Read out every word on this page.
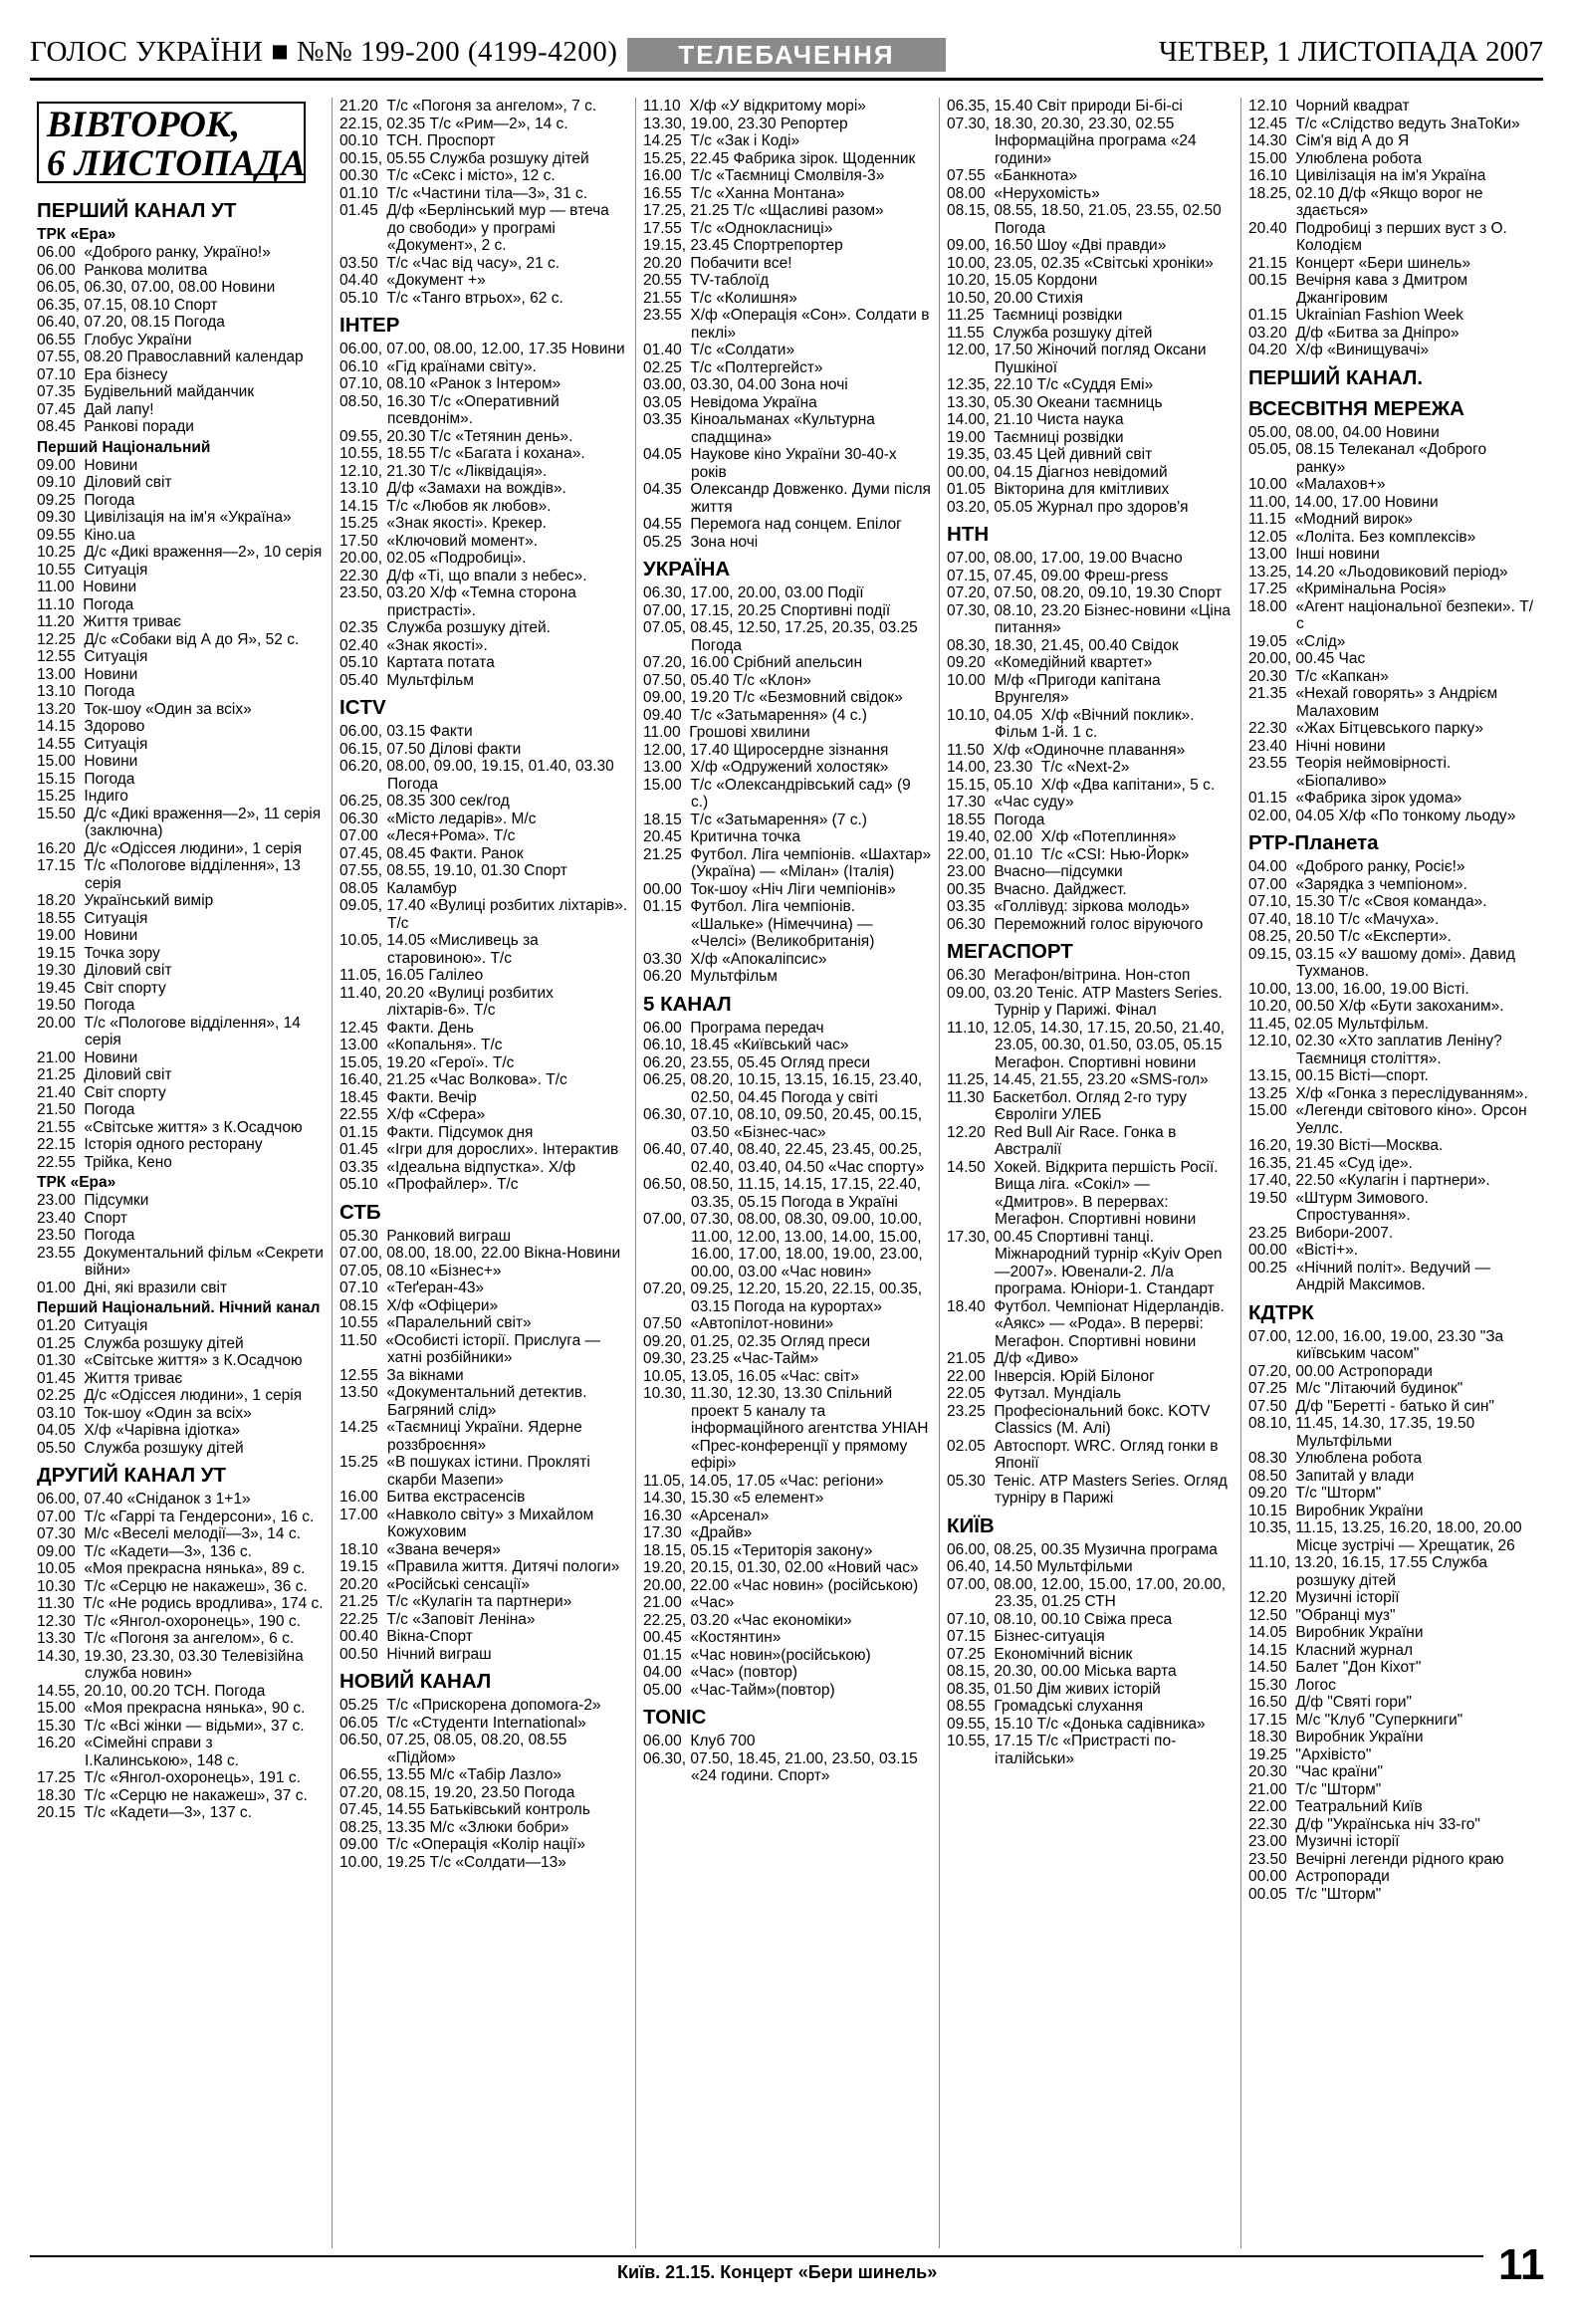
ГОЛОС УКРАЇНИ ■ №№ 199-200 (4199-4200)	ТЕЛЕБАЧЕННЯ	ЧЕТВЕР, 1 ЛИСТОПАДА 2007
ВІВТОРОК,
6 ЛИСТОПАДА
ПЕРШИЙ КАНАЛ УТ
ТРК «Ера»
06.00  «Доброго ранку, Україно!»
06.00  Ранкова молитва
06.05, 06.30, 07.00, 08.00 Новини
06.35, 07.15, 08.10 Спорт
06.40, 07.20, 08.15 Погода
06.55  Глобус України
07.55, 08.20 Православний календар
07.10  Ера бізнесу
07.35  Будівельний майданчик
07.45  Дай лапу!
08.45  Ранкові поради
Перший Національний
09.00  Новини
09.10  Діловий світ
09.25  Погода
09.30  Цивілізація на ім'я «Україна»
09.55  Кіно.ua
10.25  Д/с «Дикі враження—2», 10 серія
10.55  Ситуація
11.00  Новини
11.10  Погода
11.20  Життя триває
12.25  Д/с «Собаки від А до Я», 52 с.
12.55  Ситуація
13.00  Новини
13.10  Погода
13.20  Ток-шоу «Один за всіх»
14.15  Здорово
14.55  Ситуація
15.00  Новини
15.15  Погода
15.25  Індиго
15.50  Д/с «Дикі враження—2», 11 серія (заключна)
16.20  Д/с «Одіссея людини», 1 серія
17.15  Т/с «Пологове відділення», 13 серія
18.20  Український вимір
18.55  Ситуація
19.00  Новини
19.15  Точка зору
19.30  Діловий світ
19.45  Світ спорту
19.50  Погода
20.00  Т/с «Пологове відділення», 14 серія
21.00  Новини
21.25  Діловий світ
21.40  Світ спорту
21.50  Погода
21.55  «Світське життя» з К.Осадчою
22.15  Історія одного ресторану
22.55  Трійка, Кено
ТРК «Ера»
23.00  Підсумки
23.40  Спорт
23.50  Погода
23.55  Документальний фільм «Секрети війни»
01.00  Дні, які вразили світ
Перший Національний. Нічний канал
01.20  Ситуація
01.25  Служба розшуку дітей
01.30  «Світське життя» з К.Осадчою
01.45  Життя триває
02.25  Д/с «Одіссея людини», 1 серія
03.10  Ток-шоу «Один за всіх»
04.05  Х/ф «Чарівна ідіотка»
05.50  Служба розшуку дітей
ДРУГИЙ КАНАЛ УТ
06.00, 07.40 «Сніданок з 1+1»
07.00  Т/с «Гаррі та Гендерсони», 16 с.
07.30  М/с «Веселі мелодії—3», 14 с.
09.00  Т/с «Кадети—3», 136 с.
10.05  «Моя прекрасна нянька», 89 с.
10.30  Т/с «Серцю не накажеш», 36 с.
11.30  Т/с «Не родись вродлива», 174 с.
12.30  Т/с «Янгол-охоронець», 190 с.
13.30  Т/с «Погоня за ангелом», 6 с.
14.30, 19.30, 23.30, 03.30 Телевізійна служба новин»
14.55, 20.10, 00.20 ТСН. Погода
15.00  «Моя прекрасна нянька», 90 с.
15.30  Т/с «Всі жінки — відьми», 37 с.
16.20  «Сімейні справи з І.Калинською», 148 с.
17.25  Т/с «Янгол-охоронець», 191 с.
18.30  Т/с «Серцю не накажеш», 37 с.
20.15  Т/с «Кадети—3», 137 с.
21.20  Т/с «Погоня за ангелом», 7 с.
22.15, 02.35 Т/с «Рим—2», 14 с.
00.10  ТСН. Проспорт
00.15, 05.55 Служба розшуку дітей
00.30  Т/с «Секс і місто», 12 с.
01.10  Т/с «Частини тіла—3», 31 с.
01.45  Д/ф «Берлінський мур — втеча до свободи» у програмі «Документ», 2 с.
03.50  Т/с «Час від часу», 21 с.
04.40  «Документ +»
05.10  Т/с «Танго втрьох», 62 с.
ІНТЕР
06.00, 07.00, 08.00, 12.00, 17.35 Новини
06.10  «Гід країнами світу».
07.10, 08.10 «Ранок з Інтером»
08.50, 16.30 Т/с «Оперативний псевдонім».
09.55, 20.30 Т/с «Тетянин день».
10.55, 18.55 Т/с «Багата і кохана».
12.10, 21.30 Т/с «Ліквідація».
13.10  Д/ф «Замахи на вождів».
14.15  Т/с «Любов як любов».
15.25  «Знак якості». Крекер.
17.50  «Ключовий момент».
20.00, 02.05 «Подробиці».
22.30  Д/ф «Ті, що впали з небес».
23.50, 03.20 Х/ф «Темна сторона пристрасті».
02.35  Служба розшуку дітей.
02.40  «Знак якості».
05.10  Картата потата
05.40  Мультфільм
ICTV
06.00, 03.15 Факти
06.15, 07.50 Ділові факти
06.20, 08.00, 09.00, 19.15, 01.40, 03.30 Погода
06.25, 08.35 300 сек/год
06.30  «Місто ледарів». М/с
07.00  «Леся+Рома». Т/с
07.45, 08.45 Факти. Ранок
07.55, 08.55, 19.10, 01.30 Спорт
08.05  Каламбур
09.05, 17.40 «Вулиці розбитих ліхтарів». Т/с
10.05, 14.05 «Мисливець за старовиною». Т/с
11.05, 16.05 Галілео
11.40, 20.20 «Вулиці розбитих ліхтарів-6». Т/с
12.45  Факти. День
13.00  «Копальня». Т/с
15.05, 19.20 «Герої». Т/с
16.40, 21.25 «Час Волкова». Т/с
18.45  Факти. Вечір
22.55  Х/ф «Сфера»
01.15  Факти. Підсумок дня
01.45  «Ігри для дорослих». Інтерактив
03.35  «Ідеальна відпустка». Х/ф
05.10  «Профайлер». Т/с
СТБ
05.30  Ранковий виграш
07.00, 08.00, 18.00, 22.00 Вікна-Новини
07.05, 08.10 «Бізнес+»
07.10  «Теґеран-43»
08.15  Х/ф «Офіцери»
10.55  «Паралельний світ»
11.50  «Особисті історії. Прислуга — хатні розбійники»
12.55  За вікнами
13.50  «Документальний детектив. Багряний слід»
14.25  «Таємниці України. Ядерне роззброєння»
15.25  «В пошуках істини. Прокляті скарби Мазепи»
16.00  Битва екстрасенсів
17.00  «Навколо світу» з Михайлом Кожуховим
18.10  «Звана вечеря»
19.15  «Правила життя. Дитячі пологи»
20.20  «Російські сенсації»
21.25  Т/с «Кулагін та партнери»
22.25  Т/с «Заповіт Леніна»
00.40  Вікна-Спорт
00.50  Нічний виграш
НОВИЙ КАНАЛ
05.25  Т/с «Прискорена допомога-2»
06.05  Т/с «Студенти International»
06.50, 07.25, 08.05, 08.20, 08.55 «Підйом»
06.55, 13.55 М/с «Табір Лазло»
07.20, 08.15, 19.20, 23.50 Погода
07.45, 14.55 Батьківський контроль
08.25, 13.35 М/с «Злюки бобри»
09.00  Т/с «Операція «Колір нації»
10.00, 19.25 Т/с «Солдати—13»
11.10  Х/ф «У відкритому морі»
13.30, 19.00, 23.30 Репортер
14.25  Т/с «Зак і Коді»
15.25, 22.45 Фабрика зірок. Щоденник
16.00  Т/с «Таємниці Смолвіля-3»
16.55  Т/с «Ханна Монтана»
17.25, 21.25 Т/с «Щасливі разом»
17.55  Т/с «Однокласниці»
19.15, 23.45 Спортрепортер
20.20  Побачити все!
20.55  TV-таблоїд
21.55  Т/с «Колишня»
23.55  Х/ф «Операція «Сон». Солдати в пеклі»
01.40  Т/с «Солдати»
02.25  Т/с «Полтергейст»
03.00, 03.30, 04.00 Зона ночі
03.05  Невідома Україна
03.35  Кіноальманах «Культурна спадщина»
04.05  Наукове кіно України 30-40-х років
04.35  Олександр Довженко. Думи після життя
04.55  Перемога над сонцем. Епілог
05.25  Зона ночі
УКРАЇНА
06.30, 17.00, 20.00, 03.00 Події
07.00, 17.15, 20.25 Спортивні події
07.05, 08.45, 12.50, 17.25, 20.35, 03.25 Погода
07.20, 16.00 Срібний апельсин
07.50, 05.40 Т/с «Клон»
09.00, 19.20 Т/с «Безмовний свідок»
09.40  Т/с «Затьмарення» (4 с.)
11.00  Грошові хвилини
12.00, 17.40 Щиросердне зізнання
13.00  Х/ф «Одружений холостяк»
15.00  Т/с «Олександрівський сад» (9 с.)
18.15  Т/с «Затьмарення» (7 с.)
20.45  Критична точка
21.25  Футбол. Ліга чемпіонів. «Шахтар» (Україна) — «Мілан» (Італія)
00.00  Ток-шоу «Ніч Ліги чемпіонів»
01.15  Футбол. Ліга чемпіонів. «Шальке» (Німеччина) — «Челсі» (Великобританія)
03.30  Х/ф «Апокаліпсис»
06.20  Мультфільм
5 КАНАЛ
06.00  Програма передач
06.10, 18.45 «Київський час»
06.20, 23.55, 05.45 Огляд преси
06.25, 08.20, 10.15, 13.15, 16.15, 23.40, 02.50, 04.45 Погода у світі
06.30, 07.10, 08.10, 09.50, 20.45, 00.15, 03.50 «Бізнес-час»
06.40, 07.40, 08.40, 22.45, 23.45, 00.25, 02.40, 03.40, 04.50 «Час спорту»
06.50, 08.50, 11.15, 14.15, 17.15, 22.40, 03.35, 05.15 Погода в Україні
07.00, 07.30, 08.00, 08.30, 09.00, 10.00, 11.00, 12.00, 13.00, 14.00, 15.00, 16.00, 17.00, 18.00, 19.00, 23.00, 00.00, 03.00 «Час новин»
07.20, 09.25, 12.20, 15.20, 22.15, 00.35, 03.15 Погода на курортах»
07.50  «Автопілот-новини»
09.20, 01.25, 02.35 Огляд преси
09.30, 23.25 «Час-Тайм»
10.05, 13.05, 16.05 «Час: світ»
10.30, 11.30, 12.30, 13.30 Спільний проект 5 каналу та інформаційного агентства УНІАН «Прес-конференції у прямому ефірі»
11.05, 14.05, 17.05 «Час: регіони»
14.30, 15.30 «5 елемент»
16.30  «Арсенал»
17.30  «Драйв»
18.15, 05.15 «Територія закону»
19.20, 20.15, 01.30, 02.00 «Новий час»
20.00, 22.00 «Час новин» (російською)
21.00  «Час»
22.25, 03.20 «Час економіки»
00.45  «Костянтин»
01.15  «Час новин»(російською)
04.00  «Час» (повтор)
05.00  «Час-Тайм»(повтор)
TONIC
06.00  Клуб 700
06.30, 07.50, 18.45, 21.00, 23.50, 03.15 «24 години. Спорт»
06.35, 15.40 Світ природи Бі-бі-сі
07.30, 18.30, 20.30, 23.30, 02.55 Інформаційна програма «24 години»
07.55  «Банкнота»
08.00  «Нерухомість»
08.15, 08.55, 18.50, 21.05, 23.55, 02.50 Погода
09.00, 16.50 Шоу «Дві правди»
10.00, 23.05, 02.35 «Світські хроніки»
10.20, 15.05 Кордони
10.50, 20.00 Стихія
11.25  Таємниці розвідки
11.55  Служба розшуку дітей
12.00, 17.50 Жіночий погляд Оксани Пушкіної
12.35, 22.10 Т/с «Суддя Емі»
13.30, 05.30 Океани таємниць
14.00, 21.10 Чиста наука
19.00  Таємниці розвідки
19.35, 03.45 Цей дивний світ
00.00, 04.15 Діагноз невідомий
01.05  Вікторина для кмітливих
03.20, 05.05 Журнал про здоров'я
НТН
07.00, 08.00, 17.00, 19.00 Вчасно
07.15, 07.45, 09.00 Фреш-press
07.20, 07.50, 08.20, 09.10, 19.30 Спорт
07.30, 08.10, 23.20 Бізнес-новини «Ціна питання»
08.30, 18.30, 21.45, 00.40 Свідок
09.20  «Комедійний квартет»
10.00  М/ф «Пригоди капітана Врунгеля»
10.10, 04.05  Х/ф «Вічний поклик». Фільм 1-й. 1 с.
11.50  Х/ф «Одиночне плавання»
14.00, 23.30  Т/с «Next-2»
15.15, 05.10  Х/ф «Два капітани», 5 с.
17.30  «Час суду»
18.55  Погода
19.40, 02.00  Х/ф «Потеплиння»
22.00, 01.10  Т/с «CSI: Нью-Йорк»
23.00  Вчасно—підсумки
00.35  Вчасно. Дайджест.
03.35  «Голлівуд: зіркова молодь»
06.30  Переможний голос віруючого
МЕГАСПОРТ
06.30  Мегафон/вітрина. Нон-стоп
09.00, 03.20 Теніс. ATP Masters Series. Турнір у Парижі. Фінал
11.10, 12.05, 14.30, 17.15, 20.50, 21.40, 23.05, 00.30, 01.50, 03.05, 05.15 Мегафон. Спортивні новини
11.25, 14.45, 21.55, 23.20 «SMS-гол»
11.30  Баскетбол. Огляд 2-го туру Євроліги УЛЕБ
12.20  Red Bull Air Race. Гонка в Австралії
14.50  Хокей. Відкрита першість Росії. Вища ліга. «Сокіл» — «Дмитров». В перервах: Мегафон. Спортивні новини
17.30, 00.45 Спортивні танці. Міжнародний турнір «Kyiv Open—2007». Ювенали-2. Л/а програма. Юніори-1. Стандарт
18.40  Футбол. Чемпіонат Нідерландів. «Аякс» — «Рода». В перерві: Мегафон. Спортивні новини
21.05  Д/ф «Диво»
22.00  Інверсія. Юрій Білоног
22.05  Футзал. Мундіаль
23.25  Професіональний бокс. KOTV Classics (М. Алі)
02.05  Автоспорт. WRC. Огляд гонки в Японії
05.30  Теніс. ATP Masters Series. Огляд турніру в Парижі
КИЇВ
06.00, 08.25, 00.35 Музична програма
06.40, 14.50 Мультфільми
07.00, 08.00, 12.00, 15.00, 17.00, 20.00, 23.35, 01.25 СТН
07.10, 08.10, 00.10 Свіжа преса
07.15  Бізнес-ситуація
07.25  Економічний вісник
08.15, 20.30, 00.00 Міська варта
08.35, 01.50 Дім живих історій
08.55  Громадські слухання
09.55, 15.10 Т/с «Донька садівника»
10.55, 17.15 Т/с «Пристрасті по-італійськи»
12.10  Чорний квадрат
12.45  Т/с «Слідство ведуть ЗнаТоКи»
14.30  Сім'я від А до Я
15.00  Улюблена робота
16.10  Цивілізація на ім'я Україна
18.25, 02.10 Д/ф «Якщо ворог не здається»
20.40  Подробиці з перших вуст з О. Колодієм
21.15  Концерт «Бери шинель»
00.15  Вечірня кава з Дмитром Джангіровим
01.15  Ukrainian Fashion Week
03.20  Д/ф «Битва за Дніпро»
04.20  Х/ф «Винищувачі»
ПЕРШИЙ КАНАЛ.
ВСЕСВІТНЯ МЕРЕЖА
05.00, 08.00, 04.00 Новини
05.05, 08.15 Телеканал «Доброго ранку»
10.00  «Малахов+»
11.00, 14.00, 17.00 Новини
11.15  «Модний вирок»
12.05  «Лоліта. Без комплексів»
13.00  Інші новини
13.25, 14.20 «Льодовиковий період»
17.25  «Кримінальна Росія»
18.00  «Агент національної безпеки». Т/с
19.05  «Слід»
20.00, 00.45 Час
20.30  Т/с «Капкан»
21.35  «Нехай говорять» з Андрієм Малаховим
22.30  «Жах Бітцевського парку»
23.40  Нічні новини
23.55  Теорія неймовірності. «Біопаливо»
01.15  «Фабрика зірок удома»
02.00, 04.05 Х/ф «По тонкому льоду»
РТР-Планета
04.00  «Доброго ранку, Росіє!»
07.00  «Зарядка з чемпіоном».
07.10, 15.30 Т/с «Своя команда».
07.40, 18.10 Т/с «Мачуха».
08.25, 20.50 Т/с «Експерти».
09.15, 03.15 «У вашому домі». Давид Тухманов.
10.00, 13.00, 16.00, 19.00 Вісті.
10.20, 00.50 Х/ф «Бути закоханим».
11.45, 02.05 Мультфільм.
12.10, 02.30 «Хто заплатив Леніну? Таємниця століття».
13.15, 00.15 Вісті—спорт.
13.25  Х/ф «Гонка з переслідуванням».
15.00  «Легенди світового кіно». Орсон Уеллс.
16.20, 19.30 Вісті—Москва.
16.35, 21.45 «Суд іде».
17.40, 22.50 «Кулагін і партнери».
19.50  «Штурм Зимового. Спростування».
23.25  Вибори-2007.
00.00  «Вісті+».
00.25  «Нічний політ». Ведучий — Андрій Максимов.
КДТРК
07.00, 12.00, 16.00, 19.00, 23.30 "За київським часом"
07.20, 00.00 Астропоради
07.25  М/с "Літаючий будинок"
07.50  Д/ф "Беретті - батько й син"
08.10, 11.45, 14.30, 17.35, 19.50 Мультфільми
08.30  Улюблена робота
08.50  Запитай у влади
09.20  Т/с "Шторм"
10.15  Виробник України
10.35, 11.15, 13.25, 16.20, 18.00, 20.00 Місце зустрічі — Хрещатик, 26
11.10, 13.20, 16.15, 17.55 Служба розшуку дітей
12.20  Музичні історії
12.50  "Обранці муз"
14.05  Виробник України
14.15  Класний журнал
14.50  Балет "Дон Кіхот"
15.30  Логос
16.50  Д/ф "Святі гори"
17.15  М/с "Клуб "Суперкниги"
18.30  Виробник України
19.25  "Архівісто"
20.30  "Час країни"
21.00  Т/с "Шторм"
22.00  Театральний Київ
22.30  Д/ф "Українська ніч 33-го"
23.00  Музичні історії
23.50  Вечірні легенди рідного краю
00.00  Астропоради
00.05  Т/с "Шторм"
Київ. 21.15. Концерт «Бери шинель»	11
